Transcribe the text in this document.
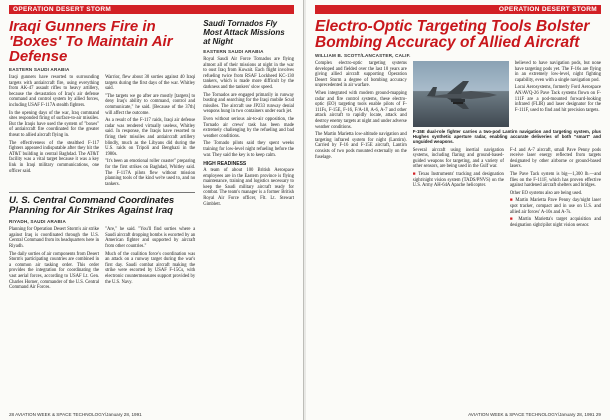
OPERATION DESERT STORM
Iraqi Gunners Fire in 'Boxes' To Maintain Air Defense
EASTERN SAUDI ARABIA

Iraqi gunners have resorted to surrounding targets with antiaircraft fire, using everything from AK-47 assault rifles to heavy artillery, because the devastation of Iraq's air defense command and control system by allied forces, including USAF F-117A stealth fighters.

In the opening days of the war, Iraq command sites responded firing of surface-to-air missiles. But the Iraqis have used the system of "boxes" of antiaircraft fire coordinated for the greater threat to allied aircraft flying in.

The effectiveness of the stealthed F-117 fighters appeared indisputable after they hit the AT&T building in central Baghdad. The AT&T facility was a vital target because it was a key link in Iraqi military communications, one officer said.

Warrior, flew about 30 sorties against 40 Iraqi targets during the first days of the war. Whitley said.

"The targets we go after are mostly [targets] to deny Iraq's ability to command, control and communicate," he said. [Because of the 37th] will affect the outcome.

As a result of the F-117 raids, Iraqi air defense radar was rendered virtually useless, Whitley said. In response, the Iraqis have resorted to firing their missiles and antiaircraft artillery blindly, much as the Libyans did during the U.S. raids on Tripoli and Benghazi in the 1980s.

"It's been an emotional roller coaster" preparing for the first strikes on Baghdad, Whitley said. The F-117A pilots flew without mission planning tools of the kind we're used to, and no tankers.

U. S. Central Command Coordinates Planning for Air Strikes Against Iraq
RIYADH, SAUDI ARABIA

Planning for Operation Desert Storm's air strike against Iraq is coordinated through the U.S. Central Command from its headquarters here in Riyadh.

The daily sorties of air components from Desert Storm's participating countries are combined in a common air tasking order. This order provides the integration for coordinating the vast aerial forces, according to USAF Lt. Gen. Charles Horner, commander of the U.S. Central Command Air Forces.

"Are," he said. "You'll find sorties where a Saudi aircraft dropping bombs is escorted by an American fighter and supported by aircraft from other countries."

Much of the coalition force's coordination was an attack on a runway target during the war's first day. Saudi combat aircraft making the strike were escorted by USAF F-15Cs, with electronic countermeasures support provided by the U.S. Navy.

Saudi Tornados Fly Most Attack Missions at Night
EASTERN SAUDI ARABIA

Royal Saudi Air Force Tornados are flying almost all of their missions at night in the war to oust Iraq from Kuwait. Each flight involves refueling twice from RSAF Lockheed KC-130 tankers, which is made more difficult by the darkness and the tankers' slow speed.

The Tornados are engaged primarily in runway busting and searching for the Iraqi mobile Scud missiles. The aircraft use JP233 runway denial weapons hung in two containers under each jet.

Even without serious air-to-air opposition, the Tornado air crews' task has been made extremely challenging by the refueling and bad weather conditions.

The Tornado pilots said they spent weeks training for low-level night refueling before the war. They said the key is to keep calm.

HIGH READINESS

A team of about 100 British Aerospace employees are in the Eastern province is flying maintenance, training and logistics necessary to keep the Saudi military aircraft ready for combat. The team's manager is a former British Royal Air Force officer, Flt. Lt. Stewart Gimblett.

28 AVIATION WEEK & SPACE TECHNOLOGY/January 28, 1991
OPERATION DESERT STORM
Electro-Optic Targeting Tools Bolster Bombing Accuracy of Allied Aircraft
WILLIAM B. SCOTT/LANCASTER, CALIF.

Complex electro-optic targeting systems developed and fielded over the last 10 years are giving allied aircraft supporting Operation Desert Storm a degree of bombing accuracy unprecedented in air warfare.

When integrated with modern ground-mapping radar and fire control systems, these electro-optic (EO) targeting tools enable pilots of F-111Fs, F-15E, F-16, F/A-18, A-6, A-7 and other attack aircraft to rapidly locate, attack and destroy enemy targets at night and under adverse weather conditions.

The Martin Marietta low-altitude navigation and targeting infrared system for night (Lantirn). Carried by F-16 and F-15E aircraft, Lantirn consists of two pods mounted externally on the fuselage.

believed to have navigation pods, but none have targeting pods yet. The F-16s are flying in an extremely low-level, night fighting capability, even with a single navigation pod.

Lorai Aerosystems, formerly Ford Aerospace AN/AVQ-26 Pave Tack systems flown on F-111F are a pod-mounted forward-looking infrared (FLIR) and laser designator for the F-111F, used to find and hit precision targets.

F-15E dual-role fighter carries a two-pod Lantirn navigation and targeting system, plus Hughes synthetic aperture radar, enabling accurate deliveries of both "smart" and unguided weapons.

Several aircraft using inertial navigation systems, including flaring and ground-based-guided weapons for targeting, and a variety of other sensors, are being used in the Gulf war.

■ Texas Instruments' tracking and designation sight/night vision system (TADS/PNVS) on the U.S. Army AH-64A Apache helicopter.

F-4 and A-7 aircraft, small Pave Penny pods receive laser energy reflected from targets designated by other airborne or ground-based lasers.

The Pave Tack system is big—1,300 lb.—and flies on the F-111F, which has proven effective against hardened aircraft shelters and bridges.

Other EO systems also are being used.

■ Martin Marietta Pave Penny day/night laser spot tracker, compact and in use on U.S. and allied air forces' A-10s and A-7s.

■ Martin Marietta's target acquisition and designation sight/pilot night vision sensor.

AVIATION WEEK & SPACE TECHNOLOGY/January 28, 1991 29
